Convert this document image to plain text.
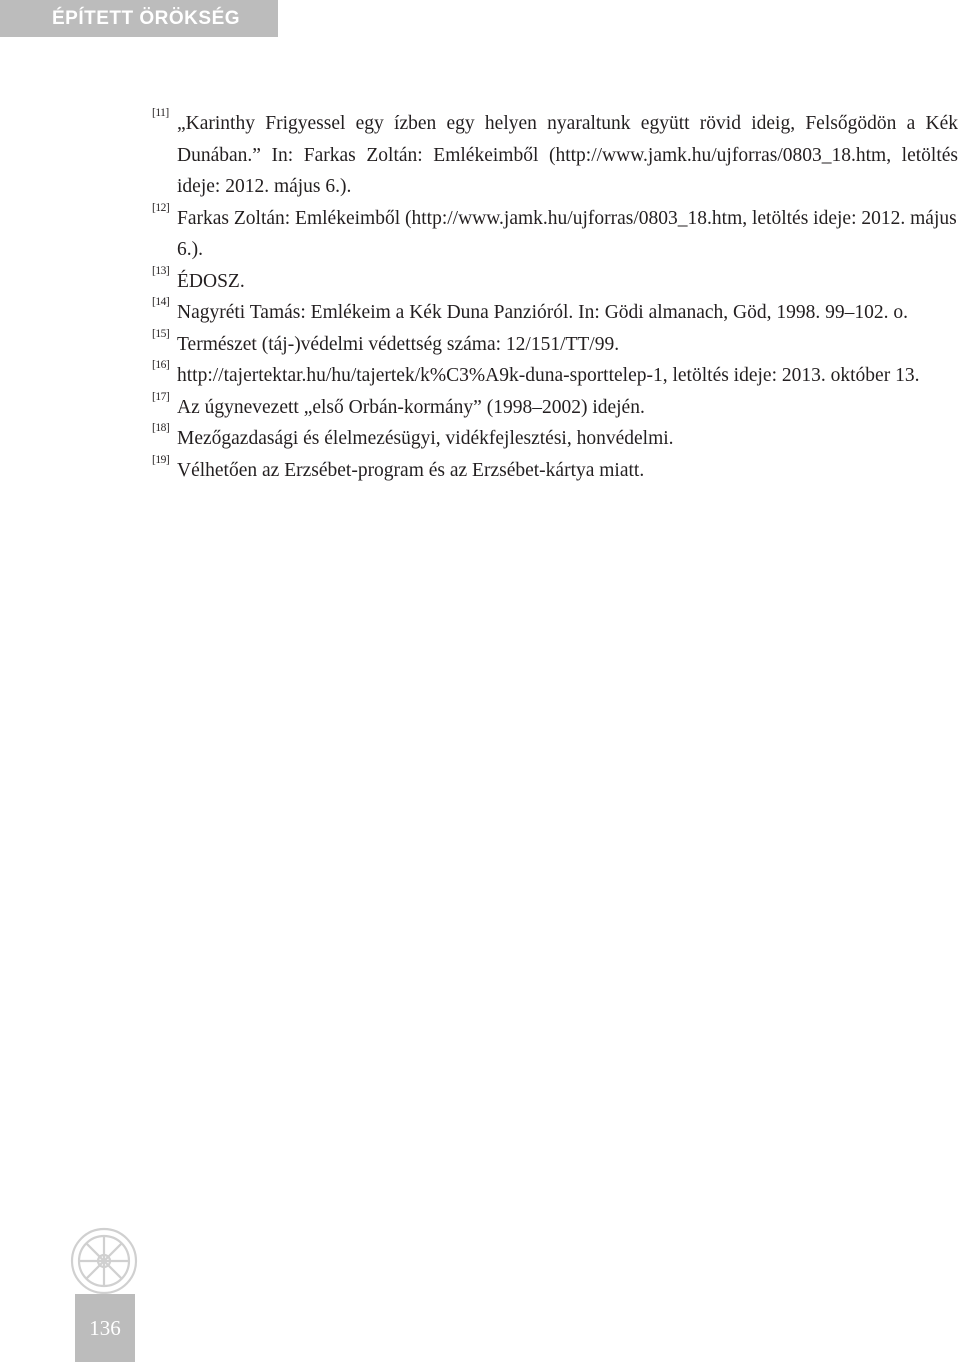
ÉPÍTETT ÖRÖKSÉG
[11] „Karinthy Frigyessel egy ízben egy helyen nyaraltunk együtt rövid ideig, Felsőgödön a Kék Dunában.” In: Farkas Zoltán: Emlékeimből (http://www.jamk.hu/ujforras/0803_18.htm, letöltés ideje: 2012. május 6.).
[12] Farkas Zoltán: Emlékeimből (http://www.jamk.hu/ujforras/0803_18.htm, letöltés ideje: 2012. május 6.).
[13] ÉDOSZ.
[14] Nagyréti Tamás: Emlékeim a Kék Duna Panzióról. In: Gödi almanach, Göd, 1998. 99–102. o.
[15] Természet (táj-)védelmi védettség száma: 12/151/TT/99.
[16] http://tajertektar.hu/hu/tajertek/k%C3%A9k-duna-sporttelep-1, letöltés ideje: 2013. október 13.
[17] Az úgynevezett „első Orbán-kormány” (1998–2002) idején.
[18] Mezőgazdasági és élelmezésügyi, vidékfejlesztési, honvédelmi.
[19] Vélhetően az Erzsébet-program és az Erzsébet-kártya miatt.
136
